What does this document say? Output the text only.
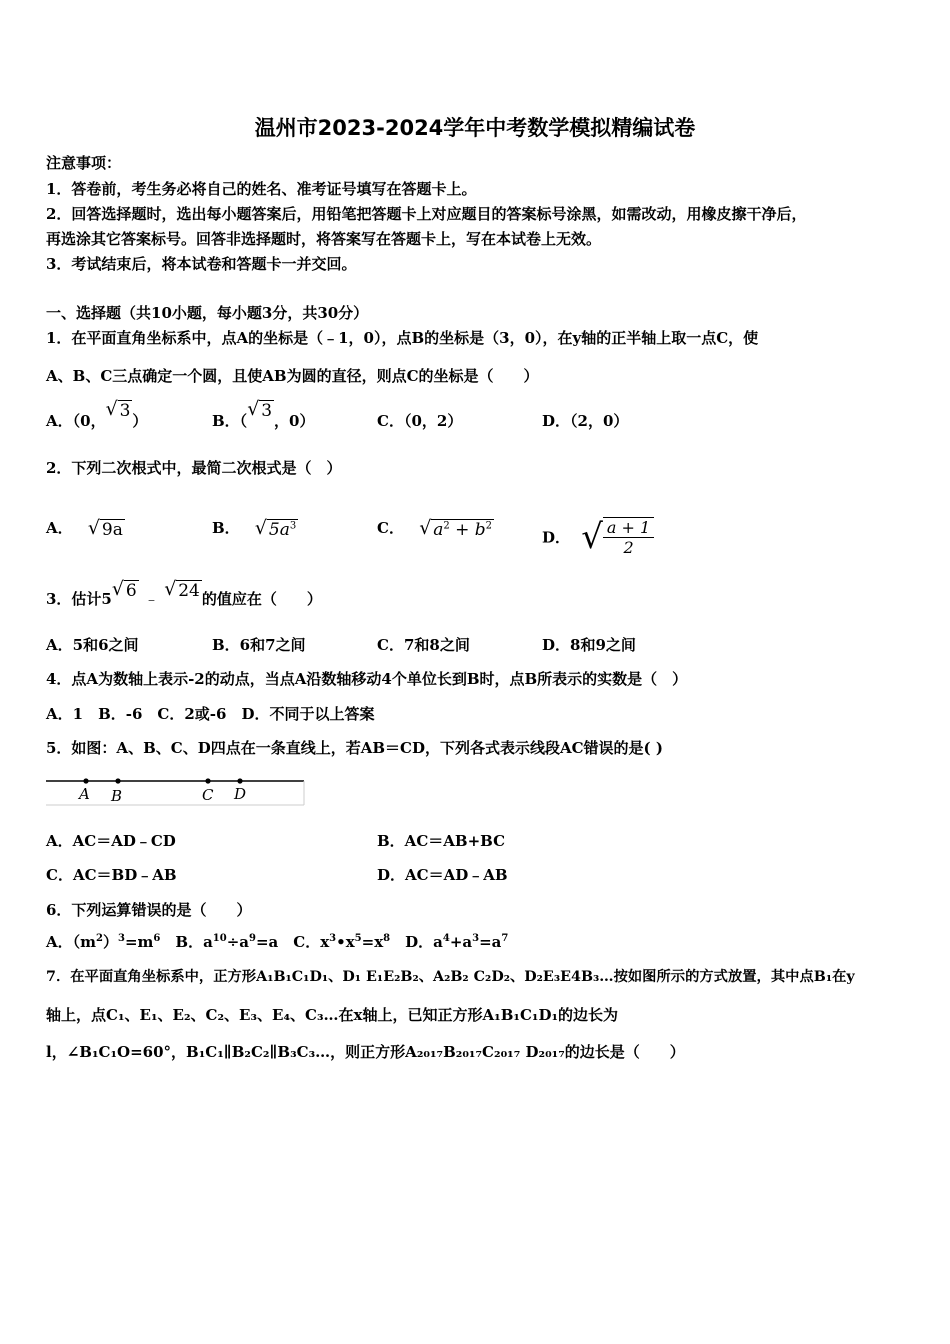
温州市2023-2024学年中考数学模拟精编试卷
注意事项：
1．答卷前，考生务必将自己的姓名、准考证号填写在答题卡上。
2．回答选择题时，选出每小题答案后，用铅笔把答题卡上对应题目的答案标号涂黑，如需改动，用橡皮擦干净后，
再选涂其它答案标号。回答非选择题时，将答案写在答题卡上，写在本试卷上无效。
3．考试结束后，将本试卷和答题卡一并交回。
一、选择题（共10小题，每小题3分，共30分）
1．在平面直角坐标系中，点A的坐标是（﹣1，0），点B的坐标是（3，0），在y轴的正半轴上取一点C，使
A、B、C三点确定一个圆，且使AB为圆的直径，则点C的坐标是（　　）
A．（0，
√ 3 ）	B．（
√ 3 ，0）	C．（0，2）	D．（2，0）
2．下列二次根式中，最简二次根式是（　）
A． √ 9a	B． √ $5a^3$	C． √ $a^2 + b^2$
D． √ $\frac{a + 1}{2}$
3．估计5 √ 6 ﹣ √ 24 的值应在（　　）
A．5和6之间	B．6和7之间	C．7和8之间	D．8和9之间
4．点A为数轴上表示-2的动点，当点A沿数轴移动4个单位长到B时，点B所表示的实数是（　）
A．1　B．-6　C．2或-6　D．不同于以上答案
5．如图：A、B、C、D四点在一条直线上，若AB＝CD，下列各式表示线段AC错误的是( )
A B	C D
A．AC＝AD﹣CD	B．AC＝AB+BC
C．AC＝BD﹣AB	D．AC＝AD﹣AB
6．下列运算错误的是（　　）
A．$(m^2)^3=m^6$　B．$a^{10}\div a^9=a$　C．$x^3•x^5=x^8$　D．$a^4+a^3=a^7$
7．在平面直角坐标系中，正方形A₁B₁C₁D₁、D₁ E₁E₂B₂、A₂B₂ C₂D₂、D₂E₃E4B₃…按如图所示的方式放置，其中点B₁在y
轴上，点C₁、E₁、E₂、C₂、E₃、E₄、C₃…在x轴上，已知正方形A₁B₁C₁D₁的边长为
l，∠B₁C₁O=60°，B₁C₁∥B₂C₂∥B₃C₃…，则正方形A₂₀₁₇B₂₀₁₇C₂₀₁₇ D₂₀₁₇的边长是（　　）
